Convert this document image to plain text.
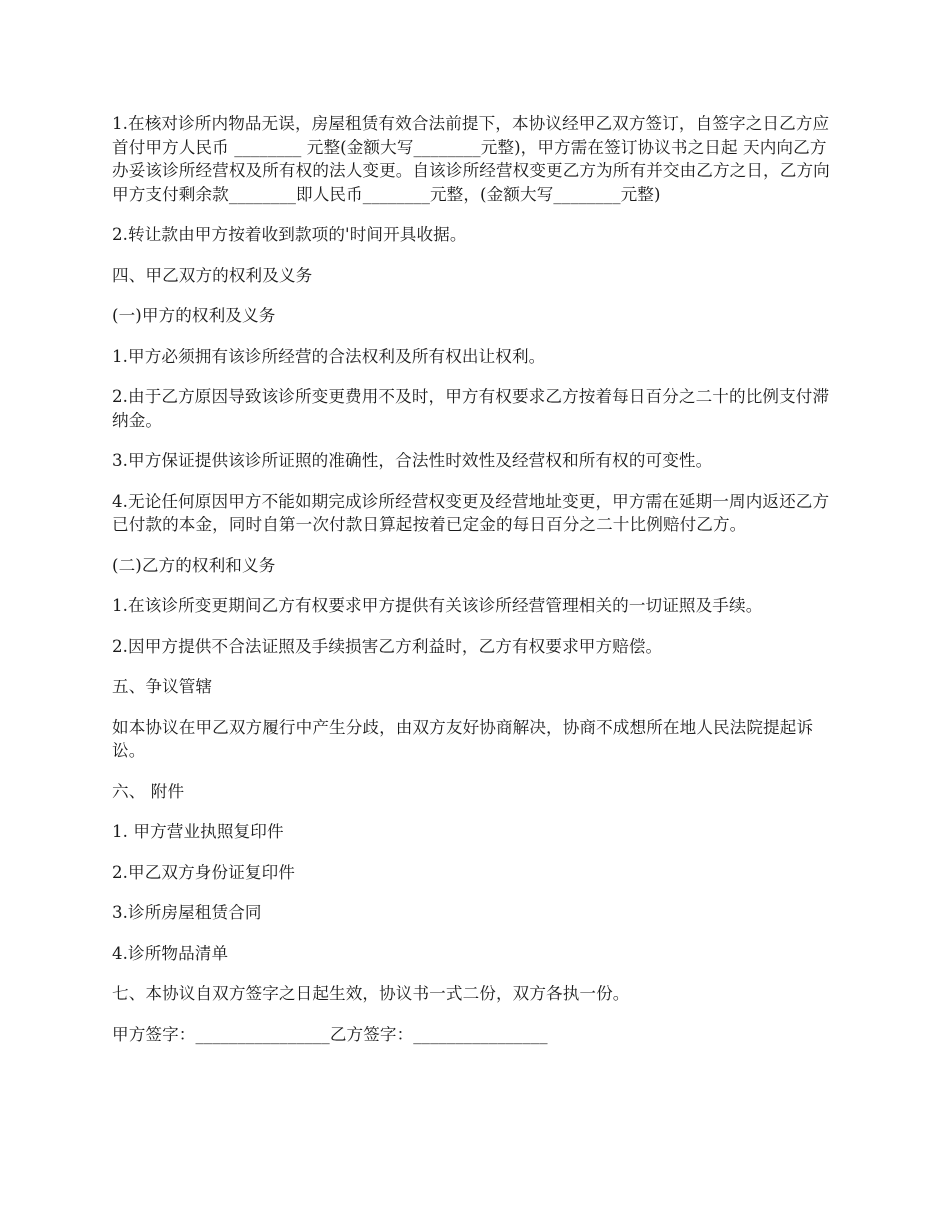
1.在核对诊所内物品无误，房屋租赁有效合法前提下，本协议经甲乙双方签订，自签字之日乙方应首付甲方人民币 ________ 元整(金额大写________元整)，甲方需在签订协议书之日起 天内向乙方办妥该诊所经营权及所有权的法人变更。自该诊所经营权变更乙方为所有并交由乙方之日，乙方向甲方支付剩余款________即人民币________元整，(金额大写________元整)

2.转让款由甲方按着收到款项的'时间开具收据。

四、甲乙双方的权利及义务

(一)甲方的权利及义务

1.甲方必须拥有该诊所经营的合法权利及所有权出让权利。

2.由于乙方原因导致该诊所变更费用不及时，甲方有权要求乙方按着每日百分之二十的比例支付滞纳金。

3.甲方保证提供该诊所证照的准确性，合法性时效性及经营权和所有权的可变性。

4.无论任何原因甲方不能如期完成诊所经营权变更及经营地址变更，甲方需在延期一周内返还乙方已付款的本金，同时自第一次付款日算起按着已定金的每日百分之二十比例赔付乙方。

(二)乙方的权利和义务

1.在该诊所变更期间乙方有权要求甲方提供有关该诊所经营管理相关的一切证照及手续。

2.因甲方提供不合法证照及手续损害乙方利益时，乙方有权要求甲方赔偿。

五、争议管辖

如本协议在甲乙双方履行中产生分歧，由双方友好协商解决，协商不成想所在地人民法院提起诉讼。

六、 附件

1. 甲方营业执照复印件

2.甲乙双方身份证复印件

3.诊所房屋租赁合同

4.诊所物品清单

七、本协议自双方签字之日起生效，协议书一式二份，双方各执一份。

甲方签字：________________乙方签字：________________
